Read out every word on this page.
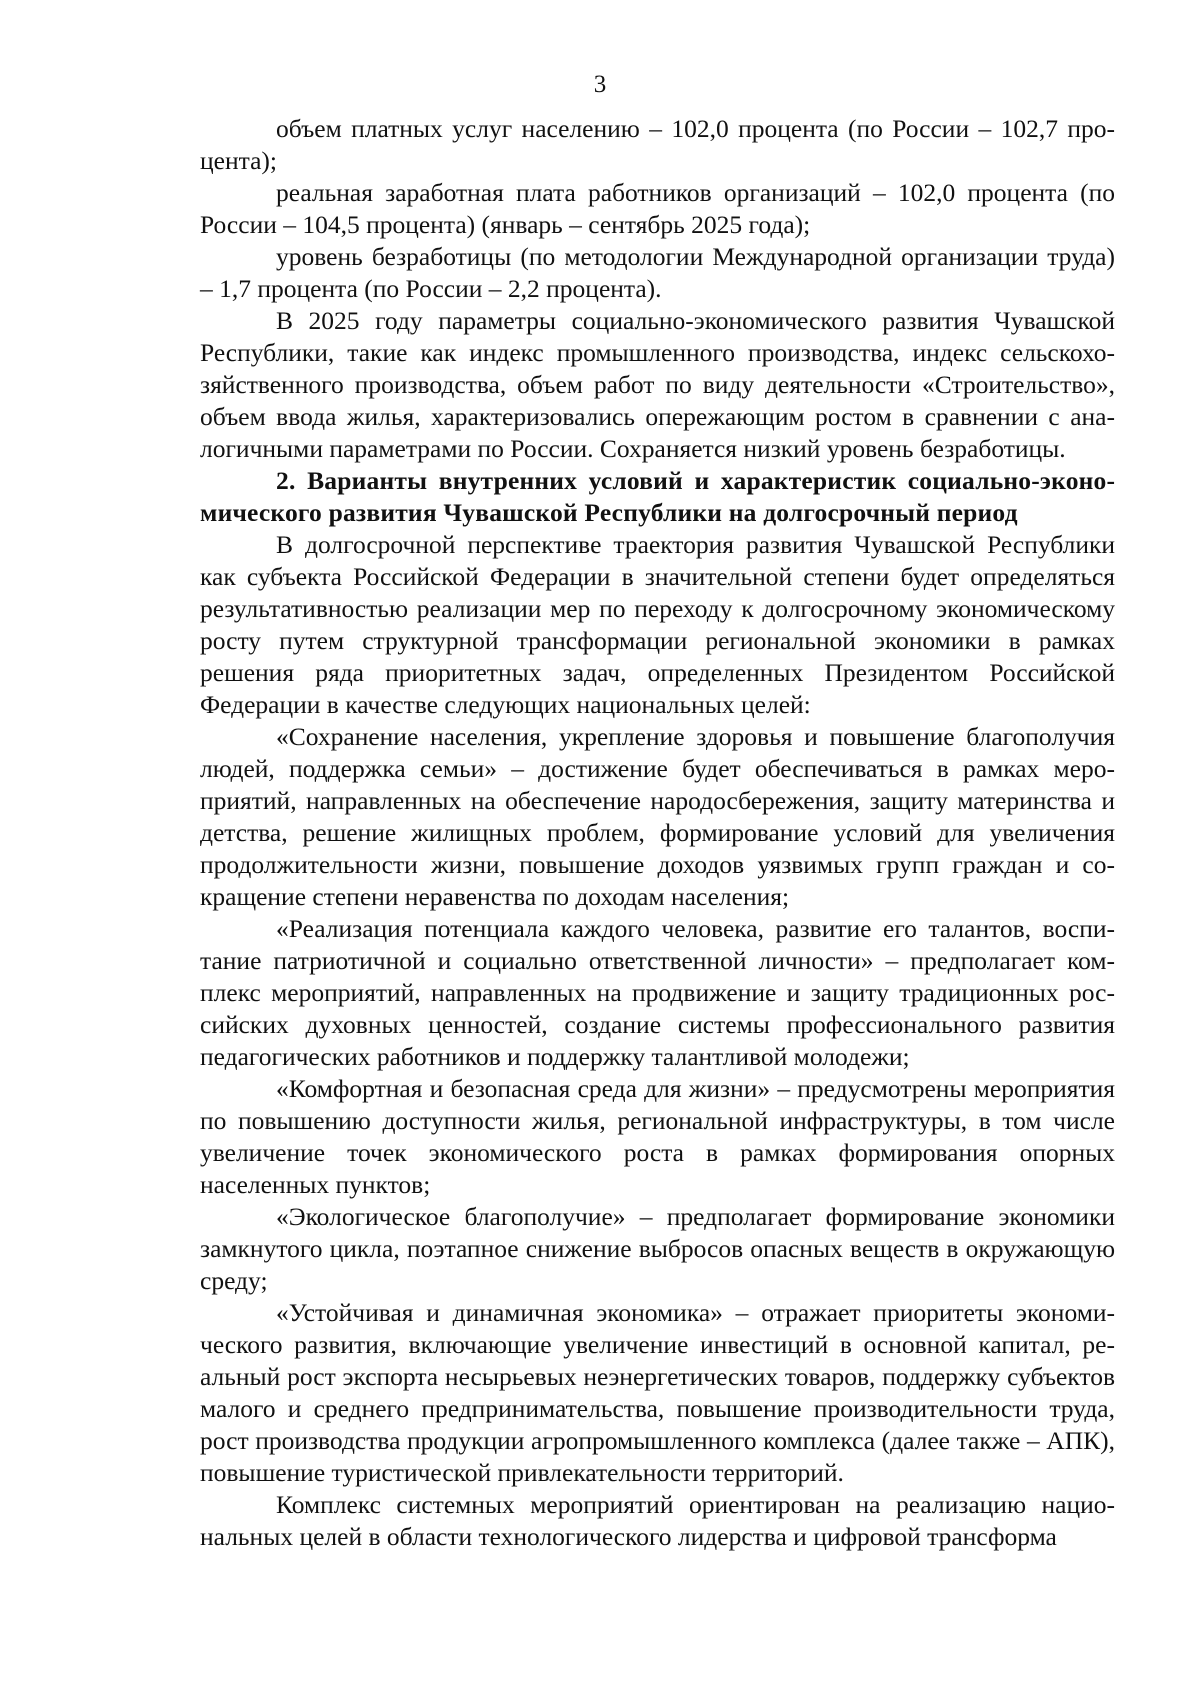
3

объем платных услуг населению – 102,0 процента (по России – 102,7 процента);

реальная заработная плата работников организаций – 102,0 процента (по России – 104,5 процента) (январь – сентябрь 2025 года);

уровень безработицы (по методологии Международной организации труда) – 1,7 процента (по России – 2,2 процента).

В 2025 году параметры социально-экономического развития Чувашской Республики, такие как индекс промышленного производства, индекс сельскохозяйственного производства, объем работ по виду деятельности «Строительство», объем ввода жилья, характеризовались опережающим ростом в сравнении с аналогичными параметрами по России. Сохраняется низкий уровень безработицы.

2. Варианты внутренних условий и характеристик социально-экономического развития Чувашской Республики на долгосрочный период

В долгосрочной перспективе траектория развития Чувашской Республики как субъекта Российской Федерации в значительной степени будет определяться результативностью реализации мер по переходу к долгосрочному экономическому росту путем структурной трансформации региональной экономики в рамках решения ряда приоритетных задач, определенных Президентом Российской Федерации в качестве следующих национальных целей:

«Сохранение населения, укрепление здоровья и повышение благополучия людей, поддержка семьи» – достижение будет обеспечиваться в рамках мероприятий, направленных на обеспечение народосбережения, защиту материнства и детства, решение жилищных проблем, формирование условий для увеличения продолжительности жизни, повышение доходов уязвимых групп граждан и сокращение степени неравенства по доходам населения;

«Реализация потенциала каждого человека, развитие его талантов, воспитание патриотичной и социально ответственной личности» – предполагает комплекс мероприятий, направленных на продвижение и защиту традиционных российских духовных ценностей, создание системы профессионального развития педагогических работников и поддержку талантливой молодежи;

«Комфортная и безопасная среда для жизни» – предусмотрены мероприятия по повышению доступности жилья, региональной инфраструктуры, в том числе увеличение точек экономического роста в рамках формирования опорных населенных пунктов;

«Экологическое благополучие» – предполагает формирование экономики замкнутого цикла, поэтапное снижение выбросов опасных веществ в окружающую среду;

«Устойчивая и динамичная экономика» – отражает приоритеты экономического развития, включающие увеличение инвестиций в основной капитал, реальный рост экспорта несырьевых неэнергетических товаров, поддержку субъектов малого и среднего предпринимательства, повышение производительности труда, рост производства продукции агропромышленного комплекса (далее также – АПК), повышение туристической привлекательности территорий.

Комплекс системных мероприятий ориентирован на реализацию национальных целей в области технологического лидерства и цифровой трансформа
